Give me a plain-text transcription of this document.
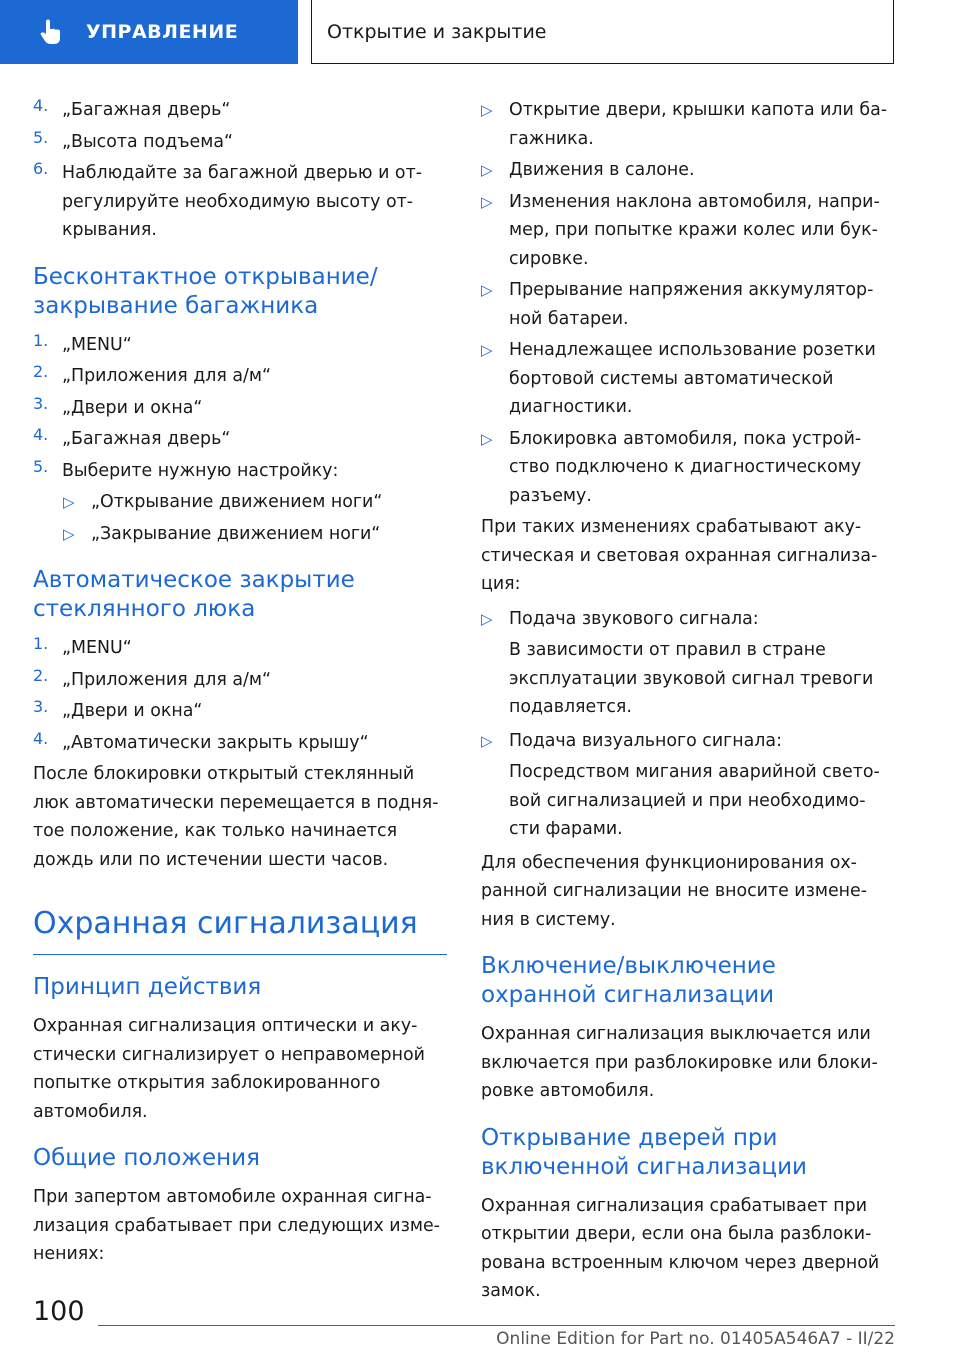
УПРАВЛЕНИЕ	Открытие и закрытие
4. „Багажная дверь“
5. „Высота подъема“
6. Наблюдайте за багажной дверью и от-регулируйте необходимую высоту от-крывания.
Бесконтактное открывание/закрывание багажника
1. „MENU“
2. „Приложения для а/м“
3. „Двери и окна“
4. „Багажная дверь“
5. Выберите нужную настройку:
▷ „Открывание движением ноги“
▷ „Закрывание движением ноги“
Автоматическое закрытие стеклянного люка
1. „MENU“
2. „Приложения для а/м“
3. „Двери и окна“
4. „Автоматически закрыть крышу“

После блокировки открытый стеклянный люк автоматически перемещается в подня-тое положение, как только начинается дождь или по истечении шести часов.

Охранная сигнализация
Принцип действия

Охранная сигнализация оптически и аку-стически сигнализирует о неправомерной попытке открытия заблокированного автомобиля.

Общие положения

При запертом автомобиле охранная сигна-лизация срабатывает при следующих изме-нениях:

▷ Открытие двери, крышки капота или ба-гажника.
▷ Движения в салоне.
▷ Изменения наклона автомобиля, напри-мер, при попытке кражи колес или бук-сировке.
▷ Прерывание напряжения аккумулятор-ной батареи.
▷ Ненадлежащее использование розетки бортовой системы автоматической диагностики.
▷ Блокировка автомобиля, пока устрой-ство подключено к диагностическому разъему.

При таких изменениях срабатывают аку-стическая и световая охранная сигнализа-ция:

▷ Подача звукового сигнала:

В зависимости от правил в стране эксплуатации звуковой сигнал тревоги подавляется.

▷ Подача визуального сигнала:

Посредством мигания аварийной свето-вой сигнализацией и при необходимо-сти фарами.

Для обеспечения функционирования ох-ранной сигнализации не вносите измене-ния в систему.

Включение/выключение охранной сигнализации

Охранная сигнализация выключается или включается при разблокировке или блоки-ровке автомобиля.

Открывание дверей при включенной сигнализации

Охранная сигнализация срабатывает при открытии двери, если она была разблоки-рована встроенным ключом через дверной замок.

100
Online Edition for Part no. 01405A546A7 - II/22
